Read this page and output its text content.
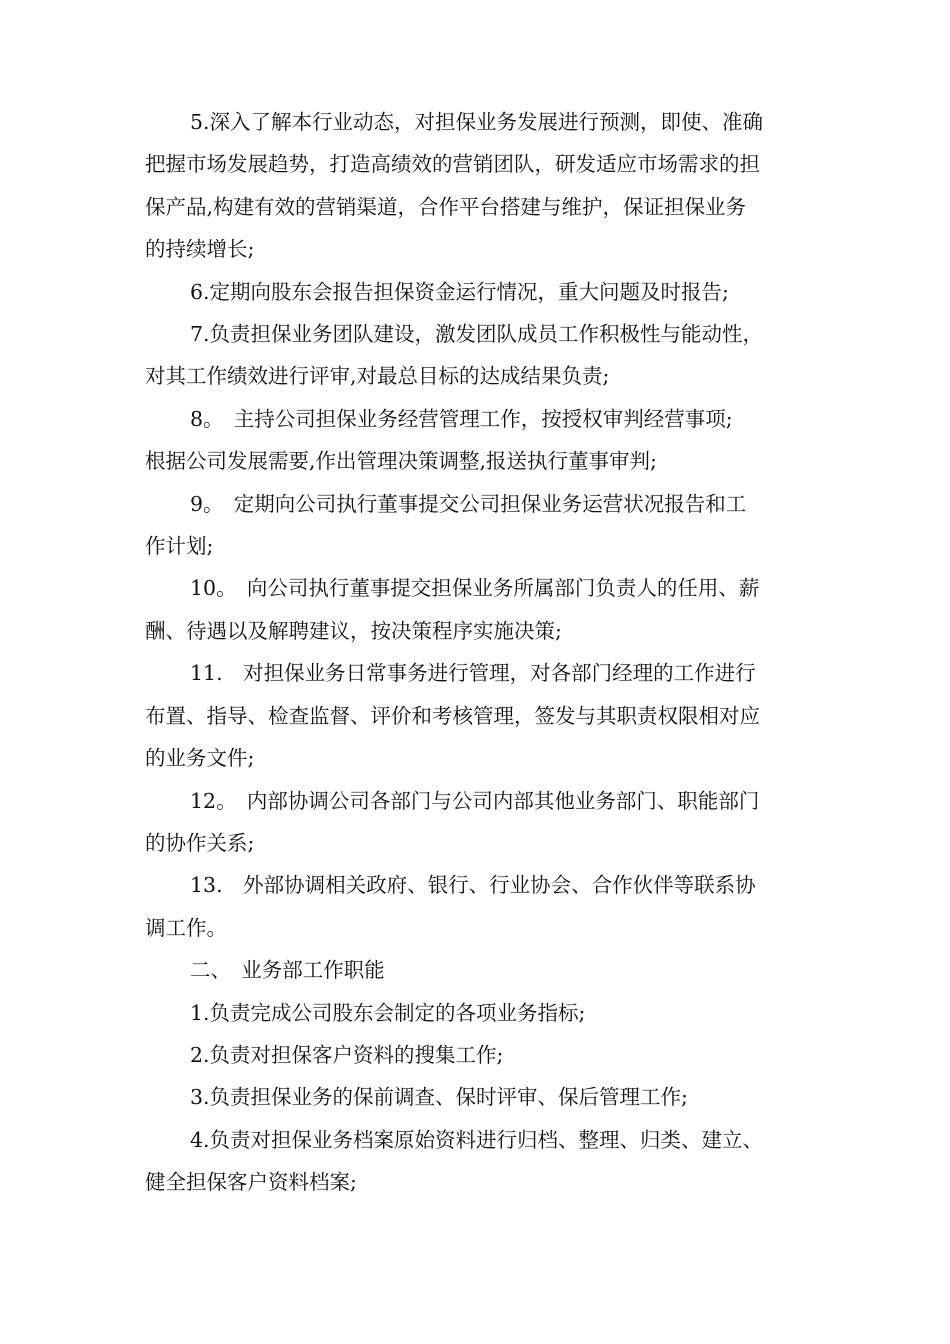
5.深入了解本行业动态，对担保业务发展进行预测，即使、准确
把握市场发展趋势，打造高绩效的营销团队，研发适应市场需求的担
保产品,构建有效的营销渠道，合作平台搭建与维护，保证担保业务
的持续增长;
6.定期向股东会报告担保资金运行情况，重大问题及时报告;
7.负责担保业务团队建设，激发团队成员工作积极性与能动性，
对其工作绩效进行评审,对最总目标的达成结果负责;
8。　主持公司担保业务经营管理工作，按授权审判经营事项;
根据公司发展需要,作出管理决策调整,报送执行董事审判;
9。　定期向公司执行董事提交公司担保业务运营状况报告和工
作计划;
10。　向公司执行董事提交担保业务所属部门负责人的任用、薪
酬、待遇以及解聘建议，按决策程序实施决策;
11.　对担保业务日常事务进行管理，对各部门经理的工作进行
布置、指导、检查监督、评价和考核管理，签发与其职责权限相对应
的业务文件;
12。　内部协调公司各部门与公司内部其他业务部门、职能部门
的协作关系;
13.　外部协调相关政府、银行、行业协会、合作伙伴等联系协
调工作。
二、　业务部工作职能
1.负责完成公司股东会制定的各项业务指标;
2.负责对担保客户资料的搜集工作;
3.负责担保业务的保前调查、保时评审、保后管理工作;
4.负责对担保业务档案原始资料进行归档、整理、归类、建立、
健全担保客户资料档案;
